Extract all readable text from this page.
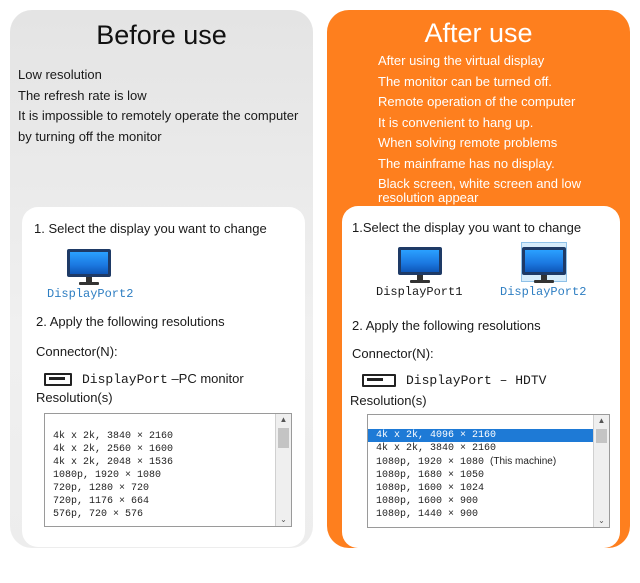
Before use
Low resolution
The refresh rate is low
It is impossible to remotely operate the computer
by turning off the monitor
1. Select the display you want to change
DisplayPort2
2. Apply the following resolutions
Connector(N):
DisplayPort –PC monitor
Resolution(s)
4k x 2k, 3840 × 2160
4k x 2k, 2560 × 1600
4k x 2k, 2048 × 1536
1080p, 1920 × 1080
720p, 1280 × 720
720p, 1176 × 664
576p, 720 × 576
▲
⌄
After use
After using the virtual display
The monitor can be turned off.
Remote operation of the computer
It is convenient to hang up.
When solving remote problems
The mainframe has no display.
Black screen, white screen and low resolution appear
1.Select the display you want to change
DisplayPort1	DisplayPort2
2. Apply the following resolutions
Connector(N):
DisplayPort – HDTV
Resolution(s)
4k x 2k, 4096 × 2160
4k x 2k, 3840 × 2160
1080p, 1920 × 1080 (This machine)
1080p, 1680 × 1050
1080p, 1600 × 1024
1080p, 1600 × 900
1080p, 1440 × 900
▲
⌄
